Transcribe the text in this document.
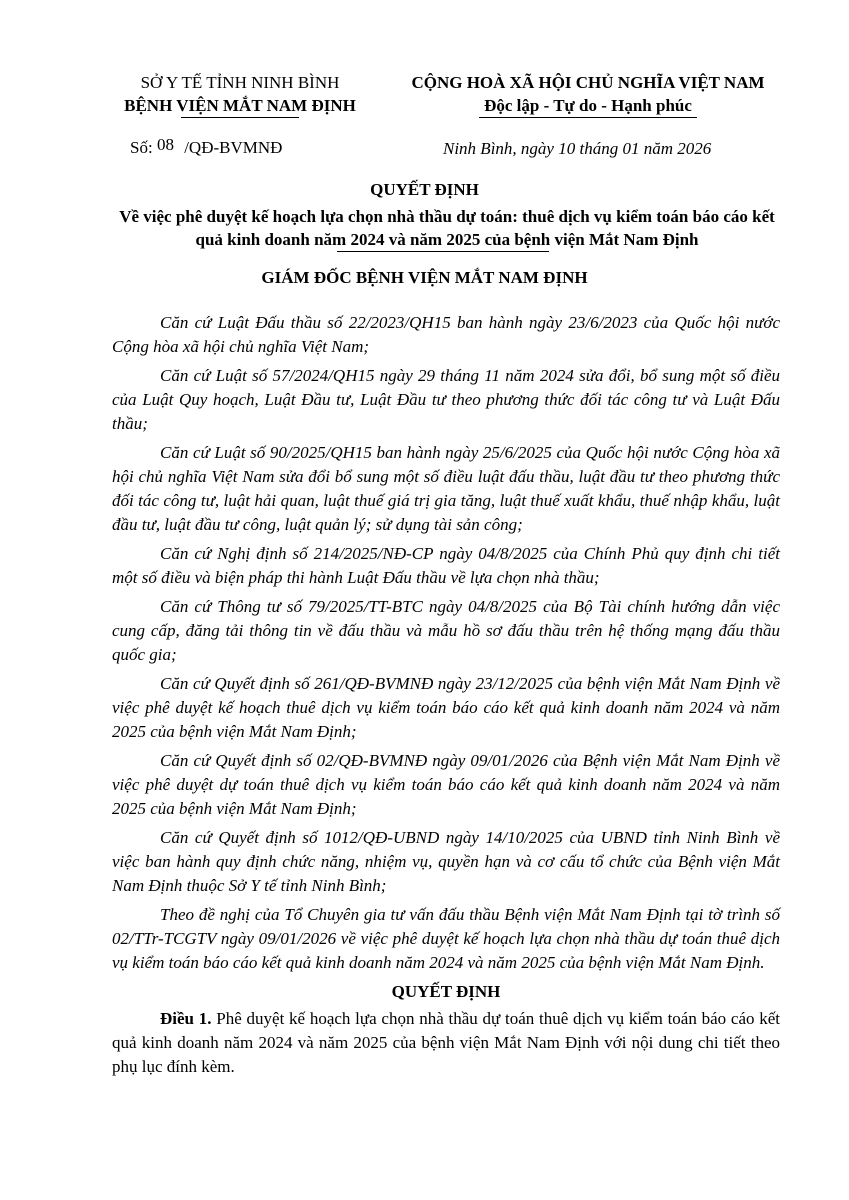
SỞ Y TẾ TỈNH NINH BÌNH
BỆNH VIỆN MẮT NAM ĐỊNH
CỘNG HOÀ XÃ HỘI CHỦ NGHĨA VIỆT NAM
Độc lập - Tự do - Hạnh phúc
Số: 08 /QĐ-BVMNĐ	Ninh Bình, ngày 10 tháng 01 năm 2026
QUYẾT ĐỊNH
Về việc phê duyệt kế hoạch lựa chọn nhà thầu dự toán: thuê dịch vụ kiểm toán báo cáo kết quả kinh doanh năm 2024 và năm 2025 của bệnh viện Mắt Nam Định
GIÁM ĐỐC BỆNH VIỆN MẮT NAM ĐỊNH

Căn cứ Luật Đấu thầu số 22/2023/QH15 ban hành ngày 23/6/2023 của Quốc hội nước Cộng hòa xã hội chủ nghĩa Việt Nam;

Căn cứ Luật số 57/2024/QH15 ngày 29 tháng 11 năm 2024 sửa đổi, bổ sung một số điều của Luật Quy hoạch, Luật Đầu tư, Luật Đầu tư theo phương thức đối tác công tư và Luật Đấu thầu;

Căn cứ Luật số 90/2025/QH15 ban hành ngày 25/6/2025 của Quốc hội nước Cộng hòa xã hội chủ nghĩa Việt Nam sửa đổi bổ sung một số điều luật đấu thầu, luật đầu tư theo phương thức đối tác công tư, luật hải quan, luật thuế giá trị gia tăng, luật thuế xuất khẩu, thuế nhập khẩu, luật đầu tư, luật đầu tư công, luật quản lý; sử dụng tài sản công;

Căn cứ Nghị định số 214/2025/NĐ-CP ngày 04/8/2025 của Chính Phủ quy định chi tiết một số điều và biện pháp thi hành Luật Đấu thầu về lựa chọn nhà thầu;

Căn cứ Thông tư số 79/2025/TT-BTC ngày 04/8/2025 của Bộ Tài chính hướng dẫn việc cung cấp, đăng tải thông tin về đấu thầu và mẫu hồ sơ đấu thầu trên hệ thống mạng đấu thầu quốc gia;

Căn cứ Quyết định số 261/QĐ-BVMNĐ ngày 23/12/2025 của bệnh viện Mắt Nam Định về việc phê duyệt kế hoạch thuê dịch vụ kiểm toán báo cáo kết quả kinh doanh năm 2024 và năm 2025 của bệnh viện Mắt Nam Định;

Căn cứ Quyết định số 02/QĐ-BVMNĐ ngày 09/01/2026 của Bệnh viện Mắt Nam Định về việc phê duyệt dự toán thuê dịch vụ kiểm toán báo cáo kết quả kinh doanh năm 2024 và năm 2025 của bệnh viện Mắt Nam Định;

Căn cứ Quyết định số 1012/QĐ-UBND ngày 14/10/2025 của UBND tỉnh Ninh Bình về việc ban hành quy định chức năng, nhiệm vụ, quyền hạn và cơ cấu tổ chức của Bệnh viện Mắt Nam Định thuộc Sở Y tế tỉnh Ninh Bình;

Theo đề nghị của Tổ Chuyên gia tư vấn đấu thầu Bệnh viện Mắt Nam Định tại tờ trình số 02/TTr-TCGTV ngày 09/01/2026 về việc phê duyệt kế hoạch lựa chọn nhà thầu dự toán thuê dịch vụ kiểm toán báo cáo kết quả kinh doanh năm 2024 và năm 2025 của bệnh viện Mắt Nam Định.

QUYẾT ĐỊNH
Điều 1. Phê duyệt kế hoạch lựa chọn nhà thầu dự toán thuê dịch vụ kiểm toán báo cáo kết quả kinh doanh năm 2024 và năm 2025 của bệnh viện Mắt Nam Định với nội dung chi tiết theo phụ lục đính kèm.
